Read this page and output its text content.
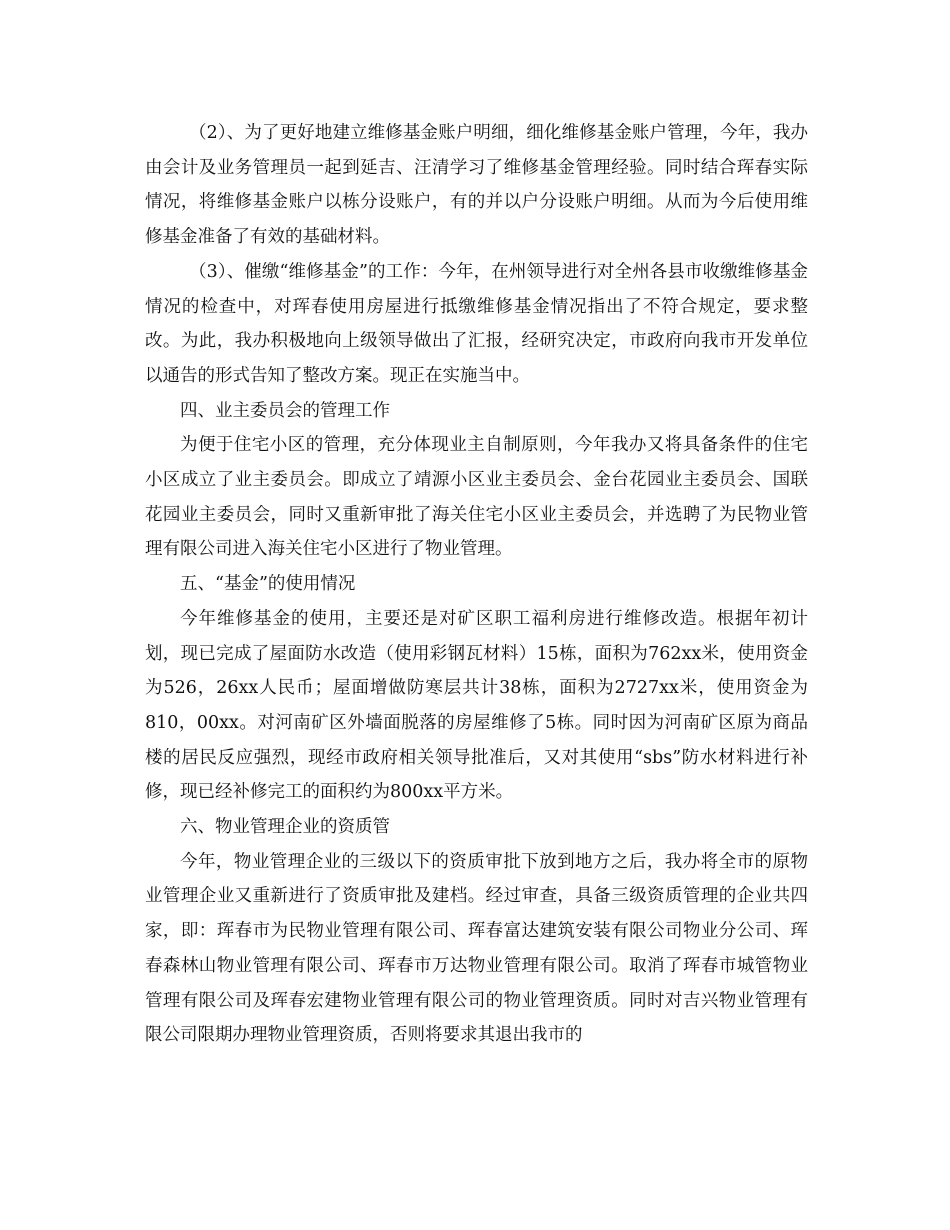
（2）、为了更好地建立维修基金账户明细，细化维修基金账户管理，今年，我办由会计及业务管理员一起到延吉、汪清学习了维修基金管理经验。同时结合珲春实际情况，将维修基金账户以栋分设账户，有的并以户分设账户明细。从而为今后使用维修基金准备了有效的基础材料。

（3）、催缴“维修基金”的工作：今年，在州领导进行对全州各县市收缴维修基金情况的检查中，对珲春使用房屋进行抵缴维修基金情况指出了不符合规定，要求整改。为此，我办积极地向上级领导做出了汇报，经研究决定，市政府向我市开发单位以通告的形式告知了整改方案。现正在实施当中。

四、业主委员会的管理工作

为便于住宅小区的管理，充分体现业主自制原则，今年我办又将具备条件的住宅小区成立了业主委员会。即成立了靖源小区业主委员会、金台花园业主委员会、国联花园业主委员会，同时又重新审批了海关住宅小区业主委员会，并选聘了为民物业管理有限公司进入海关住宅小区进行了物业管理。

五、“基金”的使用情况

今年维修基金的使用，主要还是对矿区职工福利房进行维修改造。根据年初计划，现已完成了屋面防水改造（使用彩钢瓦材料）15栋，面积为762xx米，使用资金为526，26xx人民币；屋面增做防寒层共计38栋，面积为2727xx米，使用资金为810，00xx。对河南矿区外墙面脱落的房屋维修了5栋。同时因为河南矿区原为商品楼的居民反应强烈，现经市政府相关领导批准后，又对其使用“sbs”防水材料进行补修，现已经补修完工的面积约为800xx平方米。

六、物业管理企业的资质管

今年，物业管理企业的三级以下的资质审批下放到地方之后，我办将全市的原物业管理企业又重新进行了资质审批及建档。经过审查，具备三级资质管理的企业共四家，即：珲春市为民物业管理有限公司、珲春富达建筑安装有限公司物业分公司、珲春森林山物业管理有限公司、珲春市万达物业管理有限公司。取消了珲春市城管物业管理有限公司及珲春宏建物业管理有限公司的物业管理资质。同时对吉兴物业管理有限公司限期办理物业管理资质，否则将要求其退出我市的
